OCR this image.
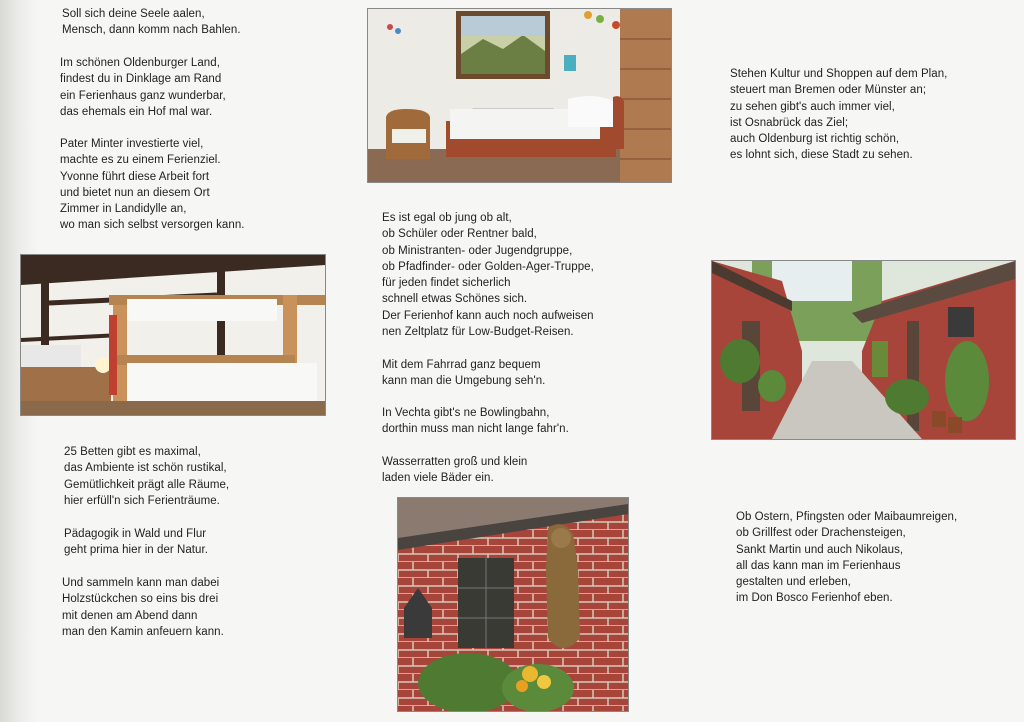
Soll sich deine Seele aalen,
Mensch, dann komm nach Bahlen.

Im schönen Oldenburger Land,
findest du in Dinklage am Rand
ein Ferienhaus ganz wunderbar,
das ehemals ein Hof mal war.

Pater Minter investierte viel,
machte es zu einem Ferienziel.
Yvonne führt diese Arbeit fort
und bietet nun an diesem Ort
Zimmer in Landidylle an,
wo man sich selbst versorgen kann.

25 Betten gibt es maximal,
das Ambiente ist schön rustikal,
Gemütlichkeit prägt alle Räume,
hier erfüll'n sich Ferienträume.

Pädagogik in Wald und Flur
geht prima hier in der Natur.

Und sammeln kann man dabei
Holzstückchen so eins bis drei
mit denen am Abend dann
man den Kamin anfeuern kann.

Es ist egal ob jung ob alt,
ob Schüler oder Rentner bald,
ob Ministranten- oder Jugendgruppe,
ob Pfadfinder- oder Golden-Ager-Truppe,
für jeden findet sicherlich
schnell etwas Schönes sich.
Der Ferienhof kann auch noch aufweisen
nen Zeltplatz für Low-Budget-Reisen.

Mit dem Fahrrad ganz bequem
kann man die Umgebung seh'n.

In Vechta gibt's ne Bowlingbahn,
dorthin muss man nicht lange fahr'n.

Wasserratten groß und klein
laden viele Bäder ein.

Stehen Kultur und Shoppen auf dem Plan,
steuert man Bremen oder Münster an;
zu sehen gibt's auch immer viel,
ist Osnabrück das Ziel;
auch Oldenburg ist richtig schön,
es lohnt sich, diese Stadt zu sehen.

Ob Ostern, Pfingsten oder Maibaumreigen,
ob Grillfest oder Drachensteigen,
Sankt Martin und auch Nikolaus,
all das kann man im Ferienhaus
gestalten und erleben,
im Don Bosco Ferienhof eben.
